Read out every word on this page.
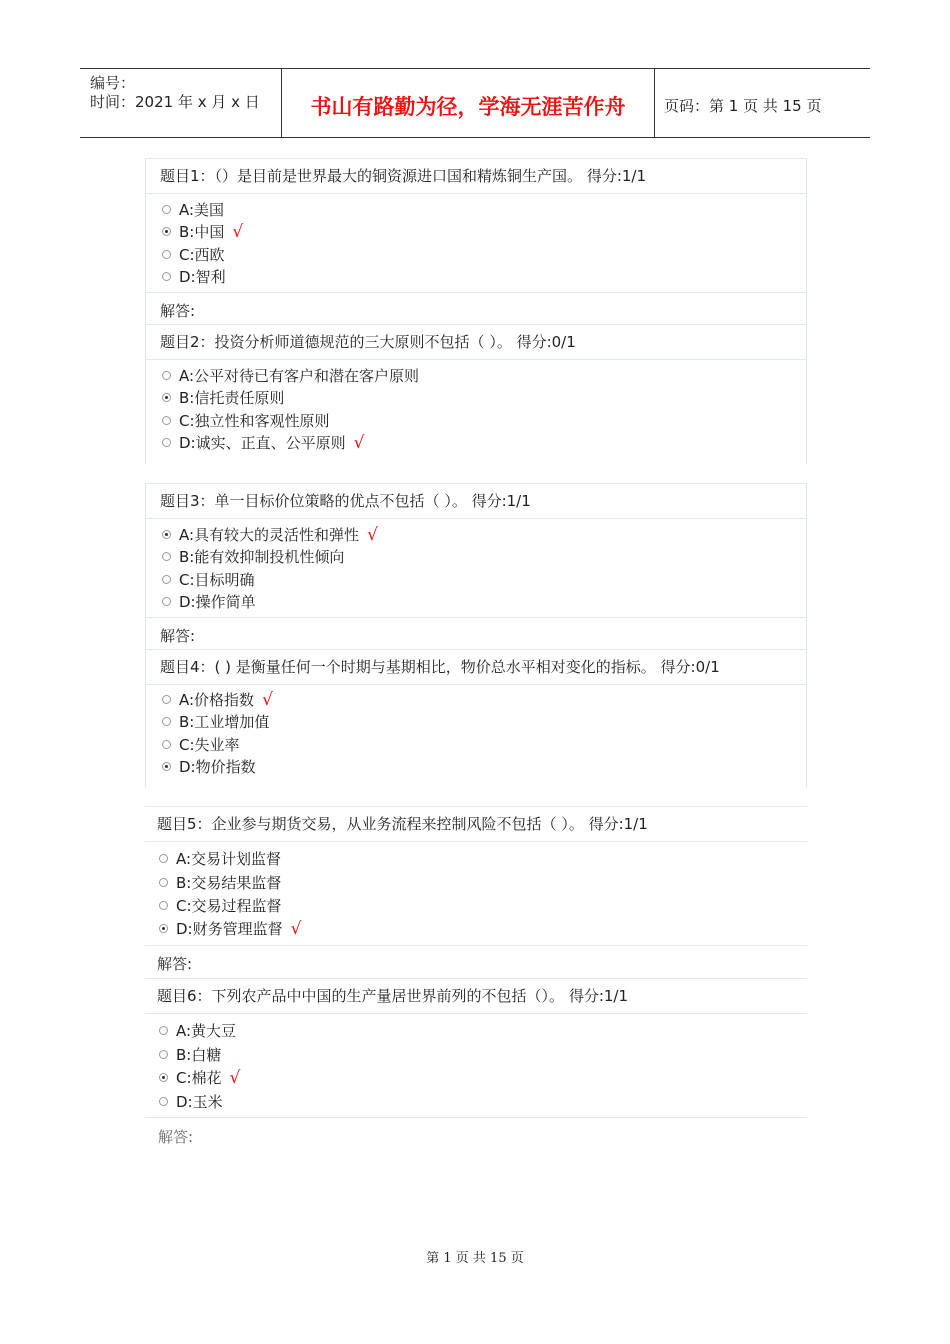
编号：
时间：2021 年 x 月 x 日	书山有路勤为径，学海无涯苦作舟	页码：第 1 页 共 15 页
题目1：（）是目前是世界最大的铜资源进口国和精炼铜生产国。 得分:1/1
A:美国
B:中国 √
C:西欧
D:智利
解答:
题目2：投资分析师道德规范的三大原则不包括（ ）。 得分:0/1
A:公平对待已有客户和潜在客户原则
B:信托责任原则
C:独立性和客观性原则
D:诚实、正直、公平原则 √
题目3：单一目标价位策略的优点不包括（ ）。 得分:1/1
A:具有较大的灵活性和弹性 √
B:能有效抑制投机性倾向
C:目标明确
D:操作简单
解答:
题目4：( ) 是衡量任何一个时期与基期相比，物价总水平相对变化的指标。 得分:0/1
A:价格指数 √
B:工业增加值
C:失业率
D:物价指数
题目5：企业参与期货交易，从业务流程来控制风险不包括（ ）。 得分:1/1
A:交易计划监督
B:交易结果监督
C:交易过程监督
D:财务管理监督 √
解答:
题目6：下列农产品中中国的生产量居世界前列的不包括（）。 得分:1/1
A:黄大豆
B:白糖
C:棉花 √
D:玉米
解答:
第 1 页 共 15 页
